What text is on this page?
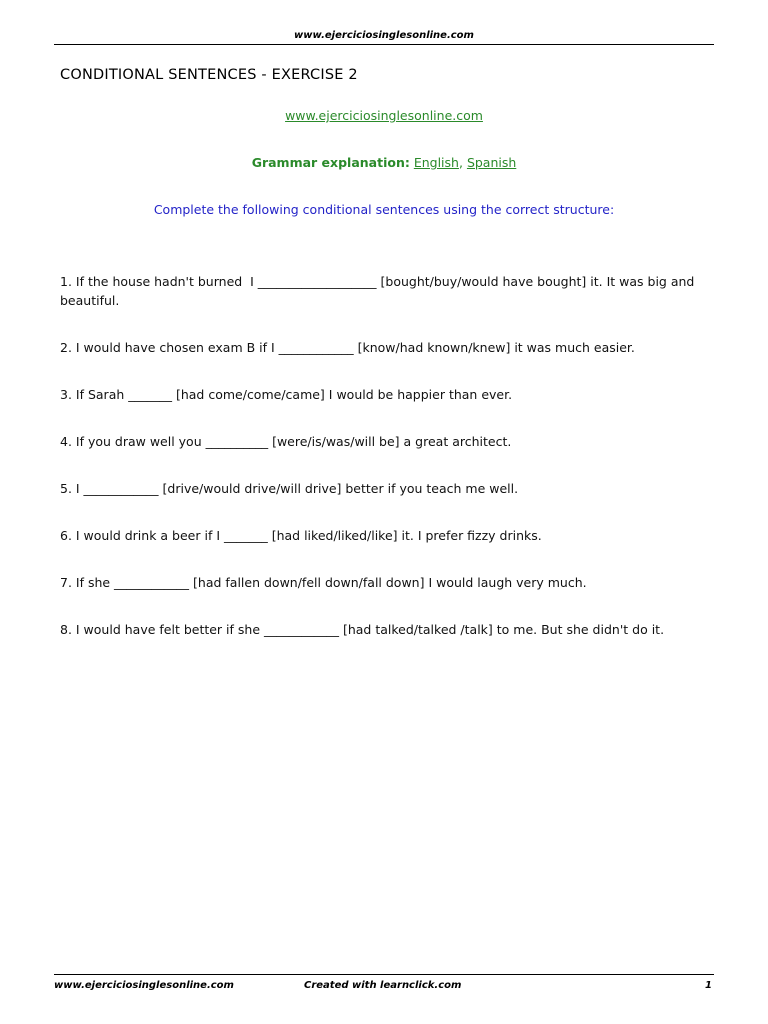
www.ejerciciosinglesonline.com
CONDITIONAL SENTENCES - EXERCISE 2
www.ejerciciosinglesonline.com
Grammar explanation: English, Spanish
Complete the following conditional sentences using the correct structure:

1. If the house hadn't burned  I ___________________ [bought/buy/would have bought] it. It was big and beautiful.

2. I would have chosen exam B if I ____________ [know/had known/knew] it was much easier.

3. If Sarah _______ [had come/come/came] I would be happier than ever.

4. If you draw well you __________ [were/is/was/will be] a great architect.

5. I ____________ [drive/would drive/will drive] better if you teach me well.

6. I would drink a beer if I _______ [had liked/liked/like] it. I prefer fizzy drinks.

7. If she ____________ [had fallen down/fell down/fall down] I would laugh very much.

8. I would have felt better if she ____________ [had talked/talked /talk] to me. But she didn't do it.

www.ejerciciosinglesonline.com	Created with learnclick.com	1
